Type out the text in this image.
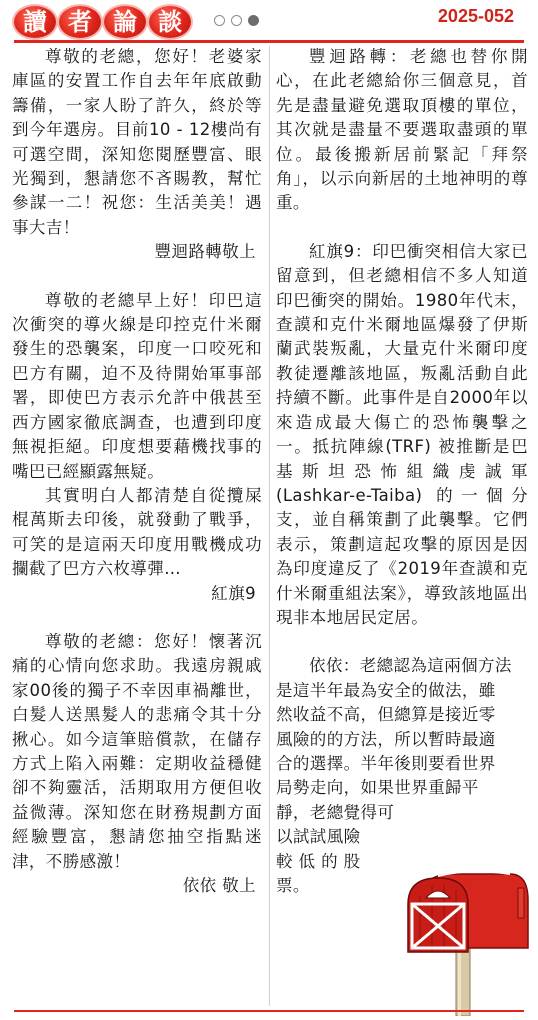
讀 者 論 談	2025-052

尊敬的老總，您好！老婆家庫區的安置工作自去年年底啟動籌備，一家人盼了許久，終於等到今年選房。目前10 - 12樓尚有可選空間，深知您閱歷豐富、眼光獨到，懇請您不吝賜教，幫忙參謀一二！祝您：生活美美！遇事大吉！

豐迴路轉敬上

尊敬的老總早上好！印巴這次衝突的導火線是印控克什米爾發生的恐襲案，印度一口咬死和巴方有關，迫不及待開始軍事部署，即使巴方表示允許中俄甚至西方國家徹底調查，也遭到印度無視拒絕。印度想要藉機找事的嘴巴已經顯露無疑。

其實明白人都清楚自從攬屎棍萬斯去印後，就發動了戰爭，可笑的是這兩天印度用戰機成功攔截了巴方六枚導彈…

紅旗9

尊敬的老總：您好！懷著沉痛的心情向您求助。我遠房親戚家00後的獨子不幸因車禍離世，白髮人送黑髮人的悲痛令其十分揪心。如今這筆賠償款，在儲存方式上陷入兩難：定期收益穩健卻不夠靈活，活期取用方便但收益微薄。深知您在財務規劃方面經驗豐富，懇請您抽空指點迷津，不勝感激！

依依 敬上

豐迴路轉：老總也替你開心，在此老總給你三個意見，首先是盡量避免選取頂樓的單位，其次就是盡量不要選取盡頭的單位。最後搬新居前緊記「拜祭角」，以示向新居的土地神明的尊重。

紅旗9：印巴衝突相信大家已留意到，但老總相信不多人知道印巴衝突的開始。1980年代末，查謨和克什米爾地區爆發了伊斯蘭武裝叛亂，大量克什米爾印度教徒遷離該地區，叛亂活動自此持續不斷。此事件是自2000年以來造成最大傷亡的恐怖襲擊之一。抵抗陣線(TRF) 被推斷是巴基斯坦恐怖組織虔誠軍 (Lashkar-e-Taiba) 的一個分支，並自稱策劃了此襲擊。它們表示，策劃這起攻擊的原因是因為印度違反了《2019年查謨和克什米爾重組法案》，導致該地區出現非本地居民定居。

依依：老總認為這兩個方法
是這半年最為安全的做法，雖
然收益不高，但總算是接近零
風險的的方法，所以暫時最適
合的選擇。半年後則要看世界
局勢走向，如果世界重歸平
靜，老總覺得可
以試試風險
較 低 的 股
票。
